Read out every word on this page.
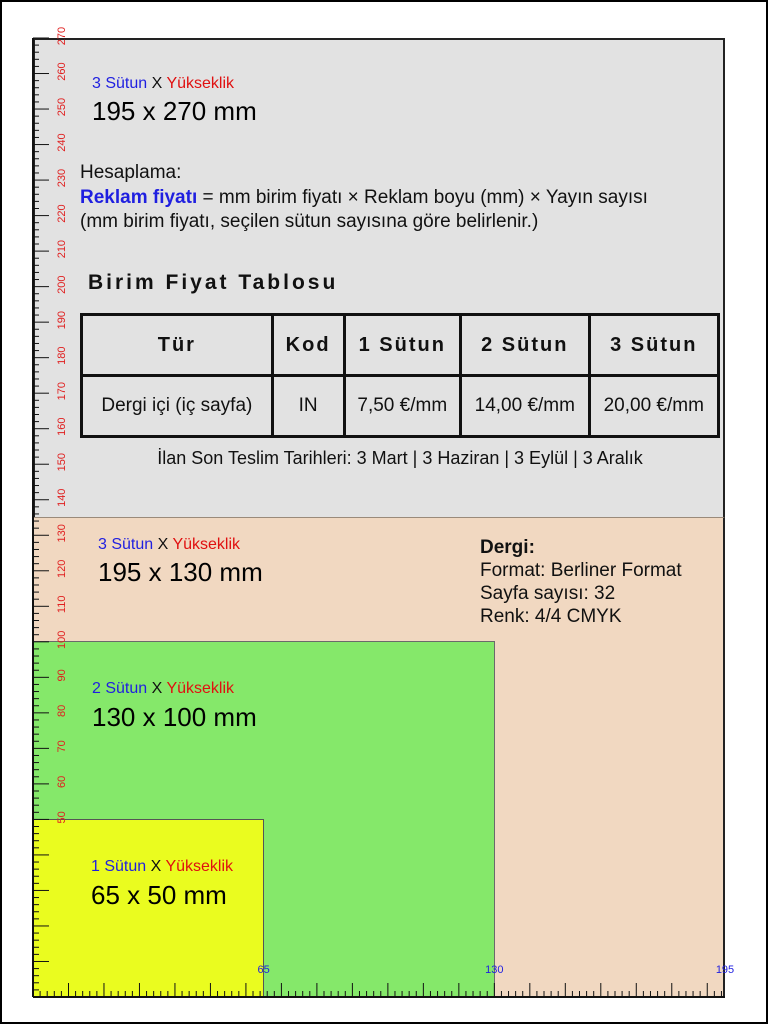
3 Sütun X Yükseklik
195 x 270 mm
Hesaplama:
Reklam fiyatı = mm birim fiyatı × Reklam boyu (mm) × Yayın sayısı
(mm birim fiyatı, seçilen sütun sayısına göre belirlenir.)
Birim Fiyat Tablosu
Tür	Kod	1 Sütun	2 Sütun	3 Sütun
Dergi içi (iç sayfa)	IN	7,50 €/mm	14,00 €/mm	20,00 €/mm
İlan Son Teslim Tarihleri: 3 Mart | 3 Haziran | 3 Eylül | 3 Aralık
3 Sütun X Yükseklik
195 x 130 mm
Dergi:
Format: Berliner Format
Sayfa sayısı: 32
Renk: 4/4 CMYK
2 Sütun X Yükseklik
130 x 100 mm
1 Sütun X Yükseklik
65 x 50 mm
50
60
70
80
90
100
110
120
130
140
150
160
170
180
190
200
210
220
230
240
250
260
270
65	130	195
